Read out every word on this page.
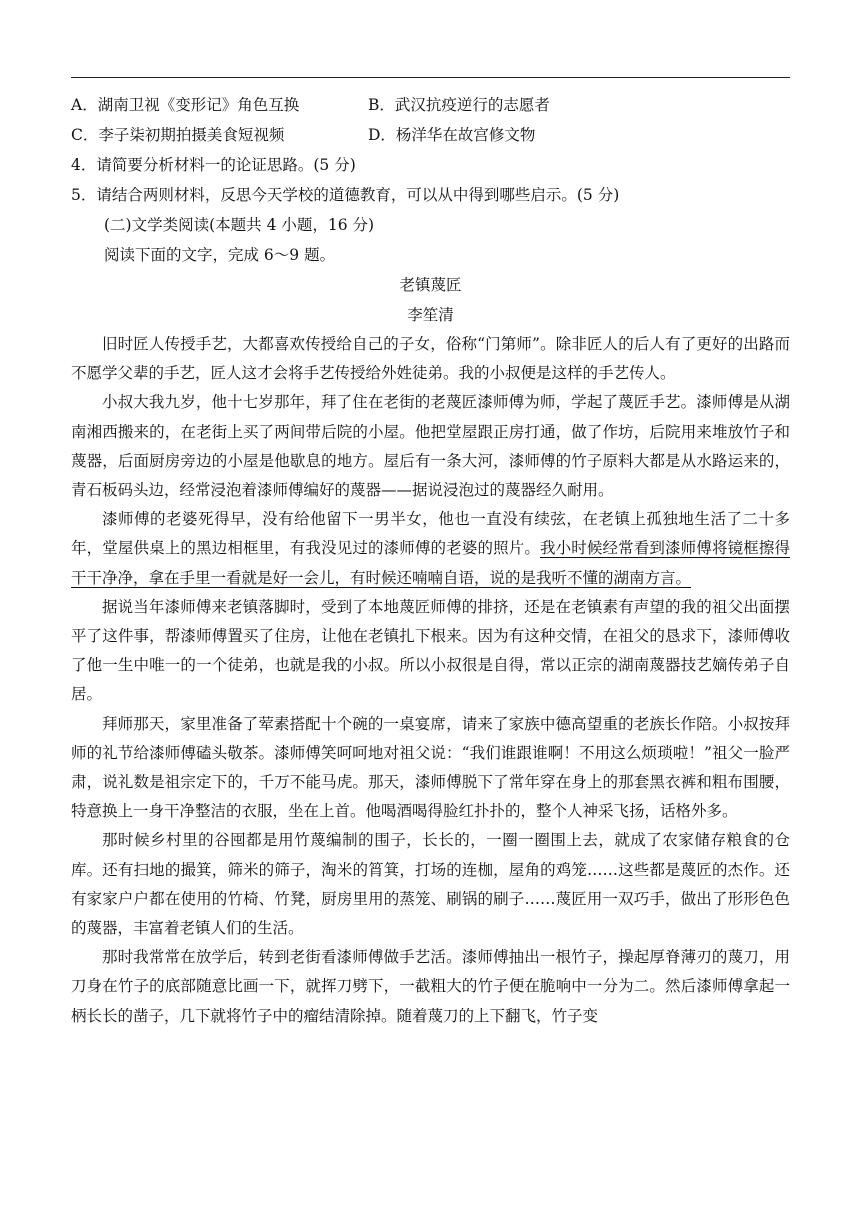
A．湖南卫视《变形记》角色互换	B．武汉抗疫逆行的志愿者
C．李子柒初期拍摄美食短视频	D．杨洋华在故宫修文物
4．请简要分析材料一的论证思路。(5 分)
5．请结合两则材料，反思今天学校的道德教育，可以从中得到哪些启示。(5 分)
(二)文学类阅读(本题共 4 小题，16 分)
阅读下面的文字，完成 6～9 题。
老镇蔑匠
李笙清

旧时匠人传授手艺，大都喜欢传授给自己的子女，俗称“门第师”。除非匠人的后人有了更好的出路而不愿学父辈的手艺，匠人这才会将手艺传授给外姓徒弟。我的小叔便是这样的手艺传人。

小叔大我九岁，他十七岁那年，拜了住在老街的老蔑匠漆师傅为师，学起了蔑匠手艺。漆师傅是从湖南湘西搬来的，在老街上买了两间带后院的小屋。他把堂屋跟正房打通，做了作坊，后院用来堆放竹子和蔑器，后面厨房旁边的小屋是他歇息的地方。屋后有一条大河，漆师傅的竹子原料大都是从水路运来的，青石板码头边，经常浸泡着漆师傅编好的蔑器——据说浸泡过的蔑器经久耐用。

漆师傅的老婆死得早，没有给他留下一男半女，他也一直没有续弦，在老镇上孤独地生活了二十多年，堂屋供桌上的黑边相框里，有我没见过的漆师傅的老婆的照片。我小时候经常看到漆师傅将镜框擦得干干净净，拿在手里一看就是好一会儿，有时候还喃喃自语，说的是我听不懂的湖南方言。

据说当年漆师傅来老镇落脚时，受到了本地蔑匠师傅的排挤，还是在老镇素有声望的我的祖父出面摆平了这件事，帮漆师傅置买了住房，让他在老镇扎下根来。因为有这种交情，在祖父的恳求下，漆师傅收了他一生中唯一的一个徒弟，也就是我的小叔。所以小叔很是自得，常以正宗的湖南蔑器技艺嫡传弟子自居。

拜师那天，家里准备了荤素搭配十个碗的一桌宴席，请来了家族中德高望重的老族长作陪。小叔按拜师的礼节给漆师傅磕头敬茶。漆师傅笑呵呵地对祖父说：“我们谁跟谁啊！不用这么烦琐啦！”祖父一脸严肃，说礼数是祖宗定下的，千万不能马虎。那天，漆师傅脱下了常年穿在身上的那套黑衣裤和粗布围腰，特意换上一身干净整洁的衣服，坐在上首。他喝酒喝得脸红扑扑的，整个人神采飞扬，话格外多。

那时候乡村里的谷囤都是用竹蔑编制的围子，长长的，一圈一圈围上去，就成了农家储存粮食的仓库。还有扫地的撮箕，筛米的筛子，淘米的筲箕，打场的连枷，屋角的鸡笼……这些都是蔑匠的杰作。还有家家户户都在使用的竹椅、竹凳，厨房里用的蒸笼、刷锅的刷子……蔑匠用一双巧手，做出了形形色色的蔑器，丰富着老镇人们的生活。

那时我常常在放学后，转到老街看漆师傅做手艺活。漆师傅抽出一根竹子，操起厚脊薄刃的蔑刀，用刀身在竹子的底部随意比画一下，就挥刀劈下，一截粗大的竹子便在脆响中一分为二。然后漆师傅拿起一柄长长的凿子，几下就将竹子中的瘤结清除掉。随着蔑刀的上下翻飞，竹子变
